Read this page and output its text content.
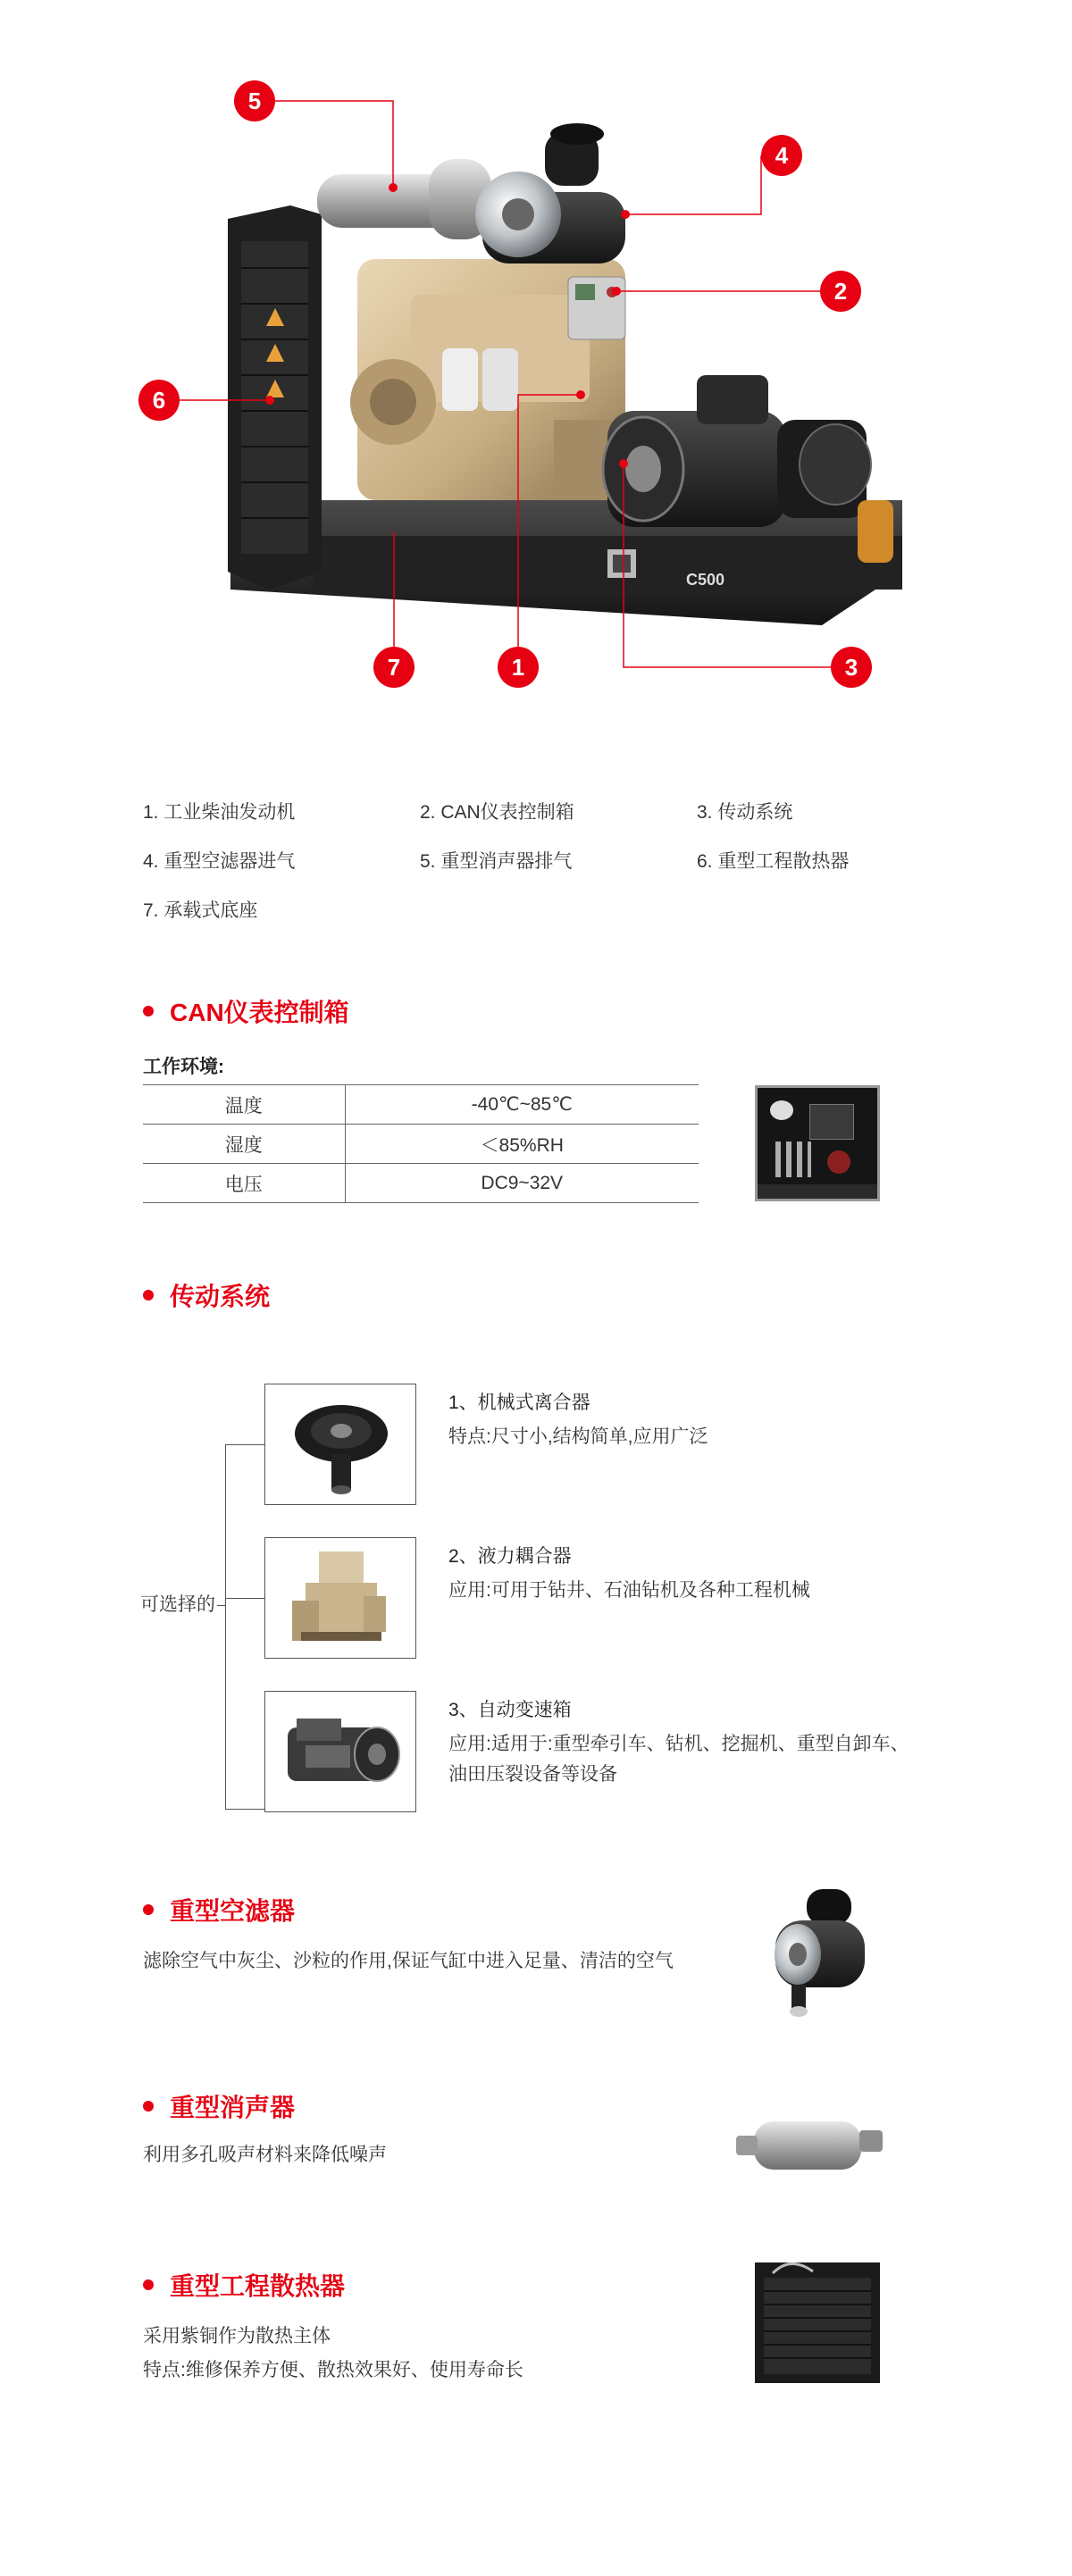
C500
5
4
2
6
7	1	3
1. 工业柴油发动机	2. CAN仪表控制箱	3. 传动系统
4. 重型空滤器进气	5. 重型消声器排气	6. 重型工程散热器
7. 承载式底座
CAN仪表控制箱
工作环境:
温度	-40℃~85℃
湿度	＜85%RH
电压	DC9~32V
传动系统
可选择的
1、机械式离合器
特点:尺寸小,结构简单,应用广泛
2、液力耦合器
应用:可用于钻井、石油钻机及各种工程机械
3、自动变速箱
应用:适用于:重型牵引车、钻机、挖掘机、重型自卸车、
油田压裂设备等设备
重型空滤器
滤除空气中灰尘、沙粒的作用,保证气缸中进入足量、清洁的空气
重型消声器
利用多孔吸声材料来降低噪声
重型工程散热器
采用紫铜作为散热主体
特点:维修保养方便、散热效果好、使用寿命长
